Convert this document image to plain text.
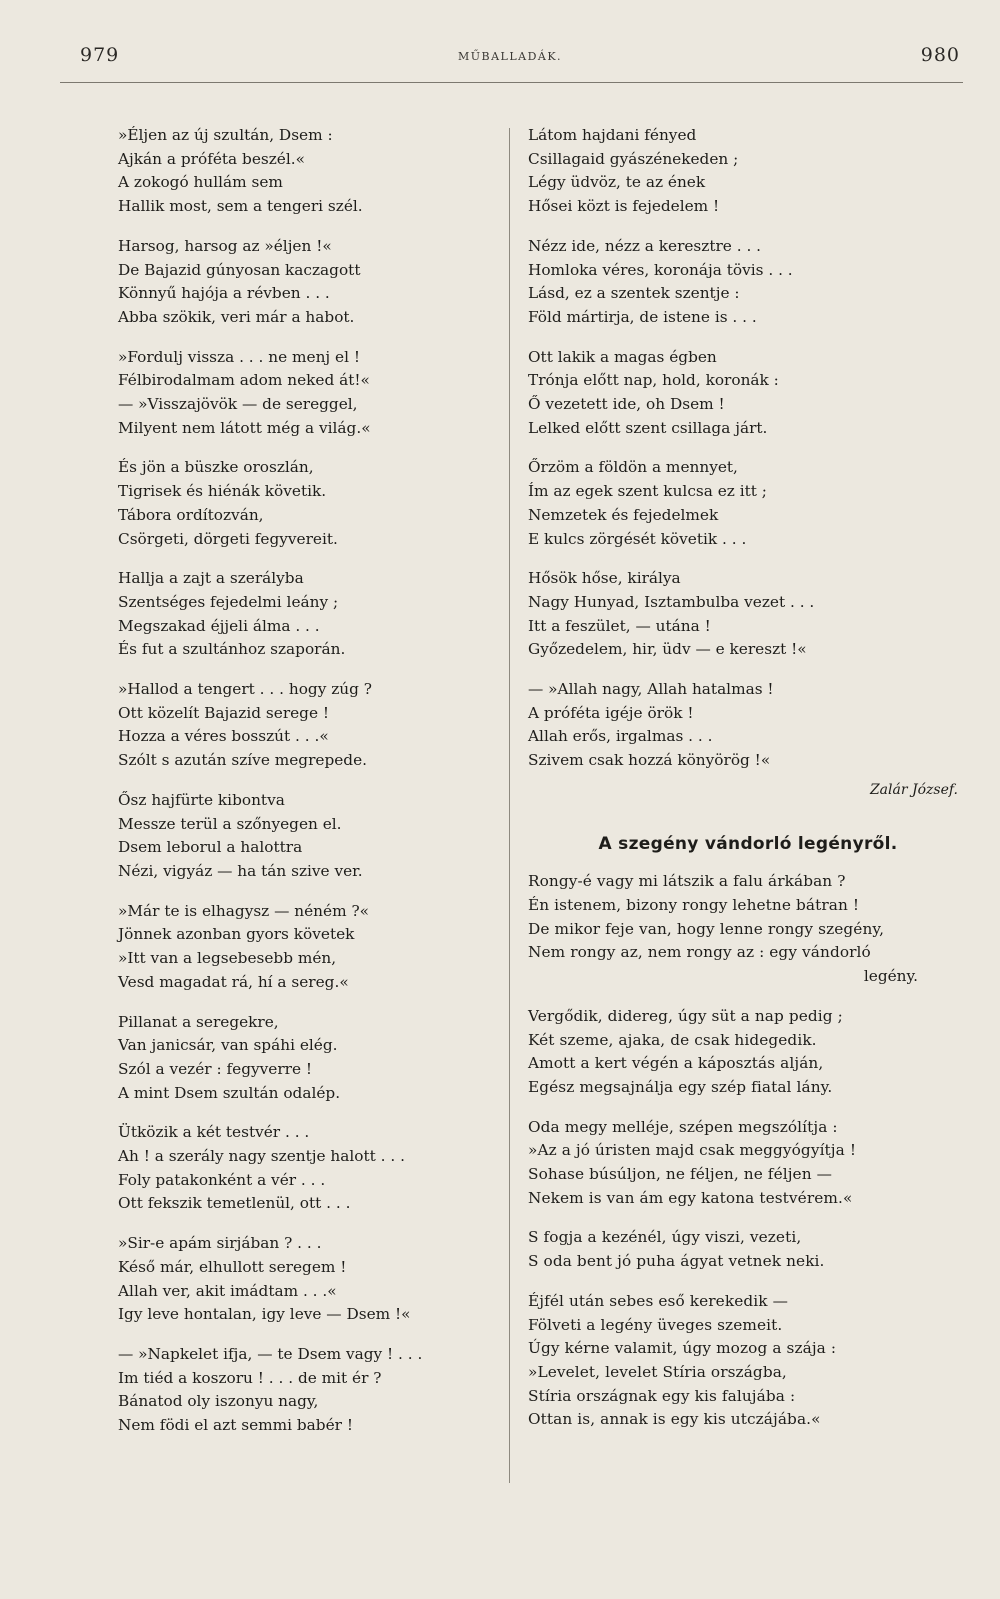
979	MŰBALLADÁK.	980
»Éljen az új szultán, Dsem :
Ajkán a próféta beszél.«
A zokogó hullám sem
Hallik most, sem a tengeri szél.
Harsog, harsog az »éljen !«
De Bajazid gúnyosan kaczagott
Könnyű hajója a révben . . .
Abba szökik, veri már a habot.
»Fordulj vissza . . . ne menj el !
Félbirodalmam adom neked át!«
— »Visszajövök — de sereggel,
Milyent nem látott még a világ.«
És jön a büszke oroszlán,
Tigrisek és hiénák követik.
Tábora ordítozván,
Csörgeti, dörgeti fegyvereit.
Hallja a zajt a szerályba
Szentséges fejedelmi leány ;
Megszakad éjjeli álma . . .
És fut a szultánhoz szaporán.
»Hallod a tengert . . . hogy zúg ?
Ott közelít Bajazid serege !
Hozza a véres bosszút . . .«
Szólt s azután szíve megrepede.
Ősz hajfürte kibontva
Messze terül a szőnyegen el.
Dsem leborul a halottra
Nézi, vigyáz — ha tán szive ver.
»Már te is elhagysz — néném ?«
Jönnek azonban gyors követek
»Itt van a legsebesebb mén,
Vesd magadat rá, hí a sereg.«
Pillanat a seregekre,
Van janicsár, van spáhi elég.
Szól a vezér : fegyverre !
A mint Dsem szultán odalép.
Ütközik a két testvér . . .
Ah ! a szerály nagy szentje halott . . .
Foly patakonként a vér . . .
Ott fekszik temetlenül, ott . . .
»Sir-e apám sirjában ? . . .
Késő már, elhullott seregem !
Allah ver, akit imádtam . . .«
Igy leve hontalan, igy leve — Dsem !«
— »Napkelet ifja, — te Dsem vagy ! . . .
Im tiéd a koszoru ! . . . de mit ér ?
Bánatod oly iszonyu nagy,
Nem födi el azt semmi babér !
Látom hajdani fényed
Csillagaid gyászénekeden ;
Légy üdvöz, te az ének
Hősei közt is fejedelem !
Nézz ide, nézz a keresztre . . .
Homloka véres, koronája tövis . . .
Lásd, ez a szentek szentje :
Föld mártirja, de istene is . . .
Ott lakik a magas égben
Trónja előtt nap, hold, koronák :
Ő vezetett ide, oh Dsem !
Lelked előtt szent csillaga járt.
Őrzöm a földön a mennyet,
Ím az egek szent kulcsa ez itt ;
Nemzetek és fejedelmek
E kulcs zörgését követik . . .
Hősök hőse, királya
Nagy Hunyad, Isztambulba vezet . . .
Itt a feszület, — utána !
Győzedelem, hir, üdv — e kereszt !«
— »Allah nagy, Allah hatalmas !
A próféta igéje örök !
Allah erős, irgalmas . . .
Szivem csak hozzá könyörög !«
Zalár József.
A szegény vándorló legényről.
Rongy-é vagy mi látszik a falu árkában ?
Én istenem, bizony rongy lehetne bátran !
De mikor feje van, hogy lenne rongy szegény,
Nem rongy az, nem rongy az : egy vándorló
legény.
Vergődik, didereg, úgy süt a nap pedig ;
Két szeme, ajaka, de csak hidegedik.
Amott a kert végén a káposztás alján,
Egész megsajnálja egy szép fiatal lány.
Oda megy melléje, szépen megszólítja :
»Az a jó úristen majd csak meggyógyítja !
Sohase búsúljon, ne féljen, ne féljen —
Nekem is van ám egy katona testvérem.«
S fogja a kezénél, úgy viszi, vezeti,
S oda bent jó puha ágyat vetnek neki.
Éjfél után sebes eső kerekedik —
Fölveti a legény üveges szemeit.
Úgy kérne valamit, úgy mozog a szája :
»Levelet, levelet Stíria országba,
Stíria országnak egy kis falujába :
Ottan is, annak is egy kis utczájába.«
